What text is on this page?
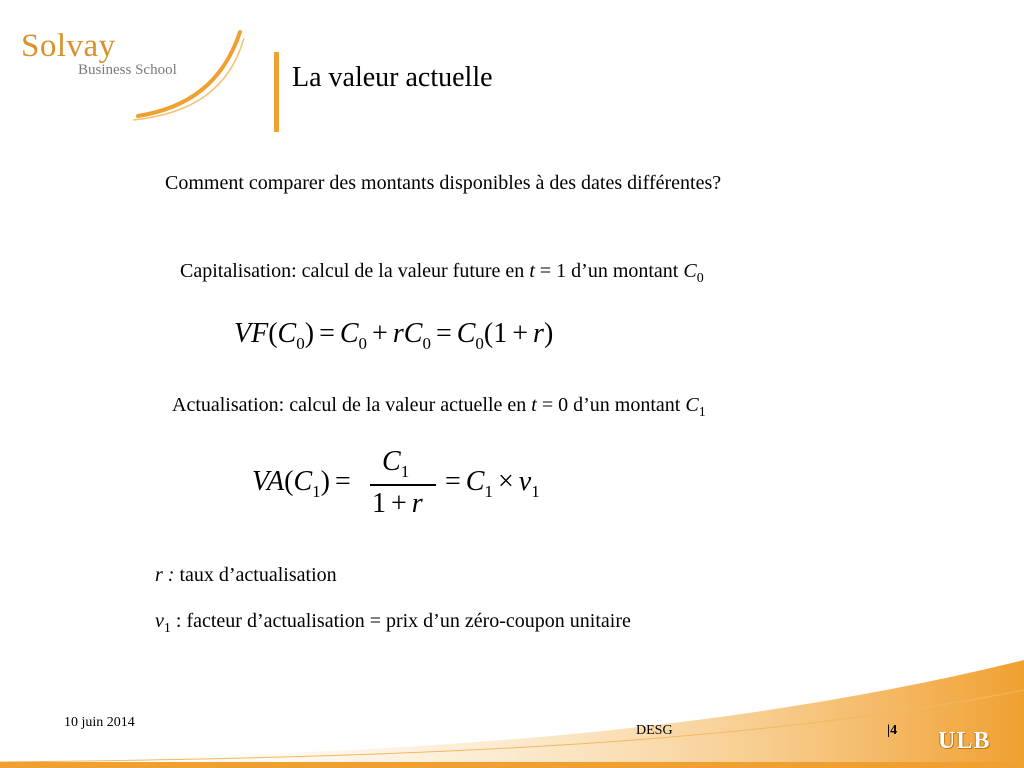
Solvay
Business School	La valeur actuelle
Comment comparer des montants disponibles à des dates différentes?
Capitalisation: calcul de la valeur future en t = 1 d’un montant $C_0$
$VF(C_0) = C_0 + rC_0 = C_0(1 + r)$
Actualisation: calcul de la valeur actuelle en t = 0 d’un montant $C_1$
$VA(C_1)$ =
$C_1$
1 + r
= $C_1 \times v_1$
r : taux d’actualisation
$v_1$ : facteur d’actualisation = prix d’un zéro-coupon unitaire
10 juin 2014
DESG	|4 ULB
